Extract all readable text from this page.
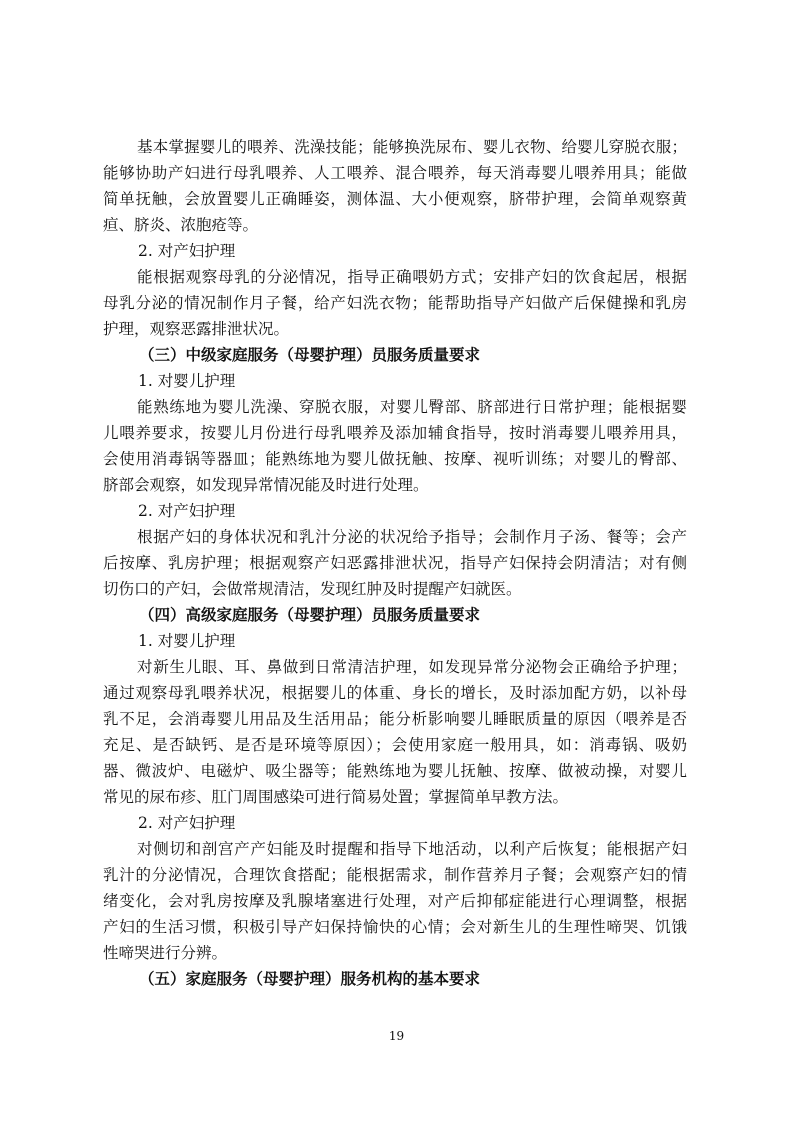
基本掌握婴儿的喂养、洗澡技能；能够换洗尿布、婴儿衣物、给婴儿穿脱衣服；
能够协助产妇进行母乳喂养、人工喂养、混合喂养，每天消毒婴儿喂养用具；能做
简单抚触，会放置婴儿正确睡姿，测体温、大小便观察，脐带护理，会简单观察黄
疸、脐炎、浓胞疮等。
2. 对产妇护理
能根据观察母乳的分泌情况，指导正确喂奶方式；安排产妇的饮食起居，根据
母乳分泌的情况制作月子餐，给产妇洗衣物；能帮助指导产妇做产后保健操和乳房
护理，观察恶露排泄状况。
（三）中级家庭服务（母婴护理）员服务质量要求
1. 对婴儿护理
能熟练地为婴儿洗澡、穿脱衣服，对婴儿臀部、脐部进行日常护理；能根据婴
儿喂养要求，按婴儿月份进行母乳喂养及添加辅食指导，按时消毒婴儿喂养用具，
会使用消毒锅等器皿；能熟练地为婴儿做抚触、按摩、视听训练；对婴儿的臀部、
脐部会观察，如发现异常情况能及时进行处理。
2. 对产妇护理
根据产妇的身体状况和乳汁分泌的状况给予指导；会制作月子汤、餐等；会产
后按摩、乳房护理；根据观察产妇恶露排泄状况，指导产妇保持会阴清洁；对有侧
切伤口的产妇，会做常规清洁，发现红肿及时提醒产妇就医。
（四）高级家庭服务（母婴护理）员服务质量要求
1. 对婴儿护理
对新生儿眼、耳、鼻做到日常清洁护理，如发现异常分泌物会正确给予护理；
通过观察母乳喂养状况，根据婴儿的体重、身长的增长，及时添加配方奶，以补母
乳不足，会消毒婴儿用品及生活用品；能分析影响婴儿睡眠质量的原因（喂养是否
充足、是否缺钙、是否是环境等原因）；会使用家庭一般用具，如：消毒锅、吸奶
器、微波炉、电磁炉、吸尘器等；能熟练地为婴儿抚触、按摩、做被动操，对婴儿
常见的尿布疹、肛门周围感染可进行简易处置；掌握简单早教方法。
2. 对产妇护理
对侧切和剖宫产产妇能及时提醒和指导下地活动，以利产后恢复；能根据产妇
乳汁的分泌情况，合理饮食搭配；能根据需求，制作营养月子餐；会观察产妇的情
绪变化，会对乳房按摩及乳腺堵塞进行处理，对产后抑郁症能进行心理调整，根据
产妇的生活习惯，积极引导产妇保持愉快的心情；会对新生儿的生理性啼哭、饥饿
性啼哭进行分辨。
（五）家庭服务（母婴护理）服务机构的基本要求
19
